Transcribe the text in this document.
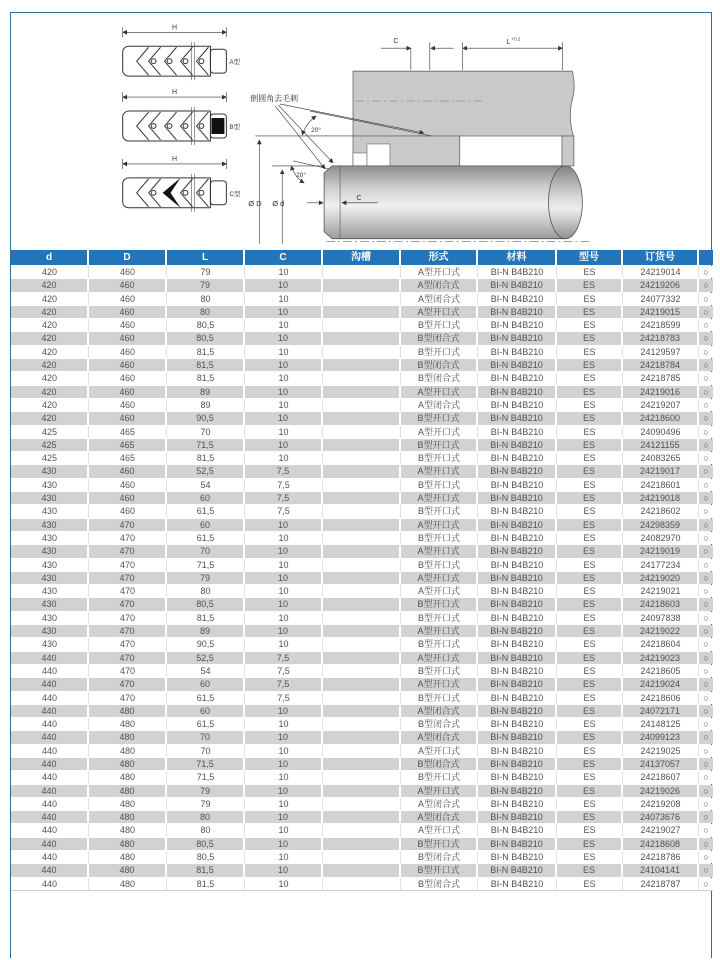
H
A型
H
B型
H
C型
C	L
+0.2
倒圆角去毛刺
20°
20°
Ø D Ø d
C
d	D	L	C	沟槽	形式	材料	型号	订货号	
420	460	79	10		A型开口式	BI-N B4B210	ES	24219014	○
420	460	79	10		A型闭合式	BI-N B4B210	ES	24219206	○
420	460	80	10		A型闭合式	BI-N B4B210	ES	24077332	○
420	460	80	10		A型开口式	BI-N B4B210	ES	24219015	○
420	460	80,5	10		B型开口式	BI-N B4B210	ES	24218599	○
420	460	80,5	10		B型闭合式	BI-N B4B210	ES	24218783	○
420	460	81,5	10		B型开口式	BI-N B4B210	ES	24129597	○
420	460	81,5	10		B型闭合式	BI-N B4B210	ES	24218784	○
420	460	81,5	10		B型闭合式	BI-N B4B210	ES	24218785	○
420	460	89	10		A型开口式	BI-N B4B210	ES	24219016	○
420	460	89	10		A型闭合式	BI-N B4B210	ES	24219207	○
420	460	90,5	10		B型开口式	BI-N B4B210	ES	24218600	○
425	465	70	10		A型开口式	BI-N B4B210	ES	24090496	○
425	465	71,5	10		B型开口式	BI-N B4B210	ES	24121155	○
425	465	81,5	10		B型开口式	BI-N B4B210	ES	24083265	○
430	460	52,5	7,5		A型开口式	BI-N B4B210	ES	24219017	○
430	460	54	7,5		B型开口式	BI-N B4B210	ES	24218601	○
430	460	60	7,5		A型开口式	BI-N B4B210	ES	24219018	○
430	460	61,5	7,5		B型开口式	BI-N B4B210	ES	24218602	○
430	470	60	10		A型开口式	BI-N B4B210	ES	24298359	○
430	470	61,5	10		B型开口式	BI-N B4B210	ES	24082970	○
430	470	70	10		A型开口式	BI-N B4B210	ES	24219019	○
430	470	71,5	10		B型开口式	BI-N B4B210	ES	24177234	○
430	470	79	10		A型开口式	BI-N B4B210	ES	24219020	○
430	470	80	10		A型开口式	BI-N B4B210	ES	24219021	○
430	470	80,5	10		B型开口式	BI-N B4B210	ES	24218603	○
430	470	81,5	10		B型开口式	BI-N B4B210	ES	24097838	○
430	470	89	10		A型开口式	BI-N B4B210	ES	24219022	○
430	470	90,5	10		B型开口式	BI-N B4B210	ES	24218604	○
440	470	52,5	7,5		A型开口式	BI-N B4B210	ES	24219023	○
440	470	54	7,5		B型开口式	BI-N B4B210	ES	24218605	○
440	470	60	7,5		A型开口式	BI-N B4B210	ES	24219024	○
440	470	61,5	7,5		B型开口式	BI-N B4B210	ES	24218606	○
440	480	60	10		A型闭合式	BI-N B4B210	ES	24072171	○
440	480	61,5	10		B型闭合式	BI-N B4B210	ES	24148125	○
440	480	70	10		A型闭合式	BI-N B4B210	ES	24099123	○
440	480	70	10		A型开口式	BI-N B4B210	ES	24219025	○
440	480	71,5	10		B型闭合式	BI-N B4B210	ES	24137057	○
440	480	71,5	10		B型开口式	BI-N B4B210	ES	24218607	○
440	480	79	10		A型开口式	BI-N B4B210	ES	24219026	○
440	480	79	10		A型闭合式	BI-N B4B210	ES	24219208	○
440	480	80	10		A型闭合式	BI-N B4B210	ES	24073676	○
440	480	80	10		A型开口式	BI-N B4B210	ES	24219027	○
440	480	80,5	10		B型开口式	BI-N B4B210	ES	24218608	○
440	480	80,5	10		B型闭合式	BI-N B4B210	ES	24218786	○
440	480	81,5	10		B型开口式	BI-N B4B210	ES	24104141	○
440	480	81,5	10		B型闭合式	BI-N B4B210	ES	24218787	○
